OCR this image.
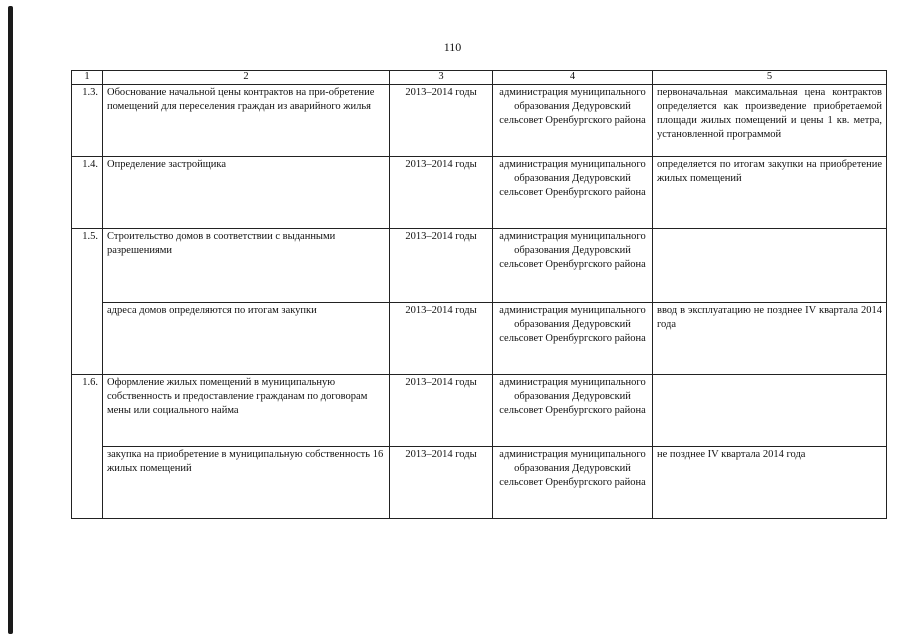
110
1	2	3	4	5
1.3.	Обоснование начальной цены контрактов на при-обретение помещений для переселения граждан из аварийного жилья	2013–2014 годы	администрация муниципального образования Дедуровский сельсовет Оренбургского района	первоначальная максимальная цена контрактов определяется как произведение приобретаемой площади жилых помещений и цены 1 кв. метра, установленной программой
1.4.	Определение застройщика	2013–2014 годы	администрация муниципального образования Дедуровский сельсовет Оренбургского района	определяется по итогам закупки на приобретение жилых помещений
1.5.	Строительство домов в соответствии с выданными разрешениями	2013–2014 годы	администрация муниципального образования Дедуровский сельсовет Оренбургского района	
	адреса домов определяются по итогам закупки	2013–2014 годы	администрация муниципального образования Дедуровский сельсовет Оренбургского района	ввод в эксплуатацию не позднее IV квартала 2014 года
1.6.	Оформление жилых помещений в муниципальную собственность и предоставление гражданам по договорам мены или социального найма	2013–2014 годы	администрация муниципального образования Дедуровский сельсовет Оренбургского района	
	закупка на приобретение в муниципальную собственность 16 жилых помещений	2013–2014 годы	администрация муниципального образования Дедуровский сельсовет Оренбургского района	не позднее IV квартала 2014 года
